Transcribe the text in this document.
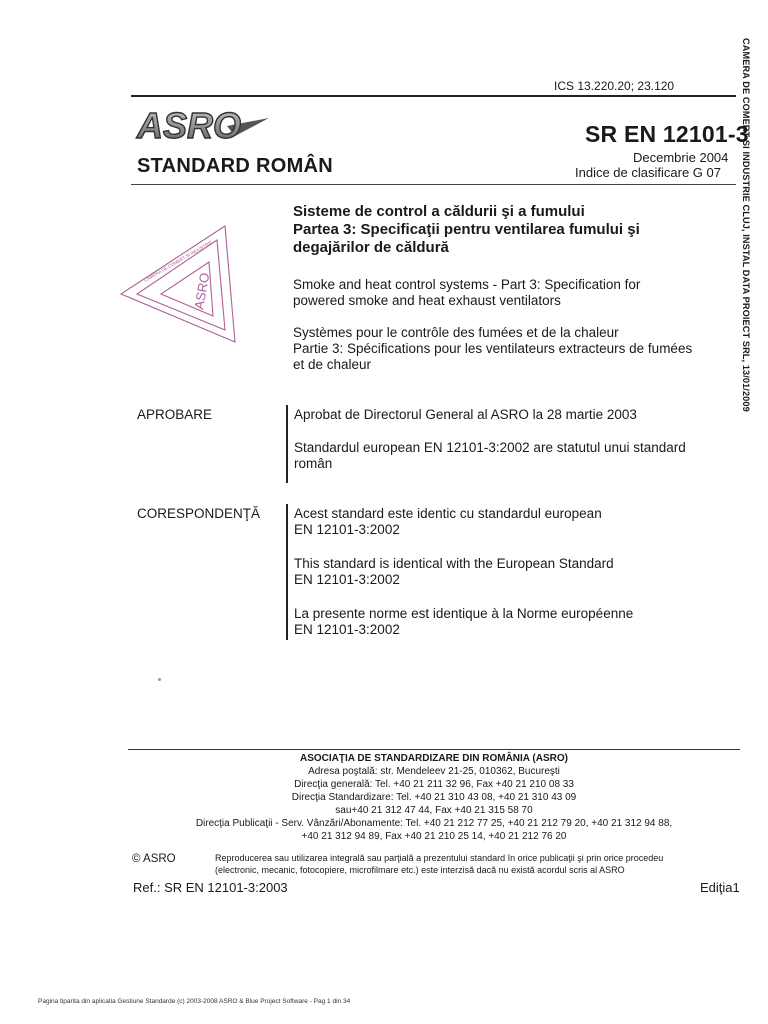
ICS 13.220.20; 23.120
ASRO	SR EN 12101-3
STANDARD ROMÂN	Decembrie 2004
Indice de clasificare G 07 CAMERA DE COMERT SI INDUSTRIE CLUJ, INSTAL DATA PROIECT SRL, 13/01/2009
ASRO
CAMERA DE COMERT SI INDUSTRIE
Sisteme de control a căldurii şi a fumului
Partea 3: Specificaţii pentru ventilarea fumului şi
degajărilor de căldură
Smoke and heat control systems - Part 3: Specification for
powered smoke and heat exhaust ventilators
Systèmes pour le contrôle des fumées et de la chaleur
Partie 3: Spécifications pour les ventilateurs extracteurs de fumées
et de chaleur
APROBARE	Aprobat de Directorul General al ASRO la 28 martie 2003
Standardul european EN 12101-3:2002 are statutul unui standard
român
CORESPONDENŢĂ	Acest standard este identic cu standardul european
EN 12101-3:2002
This standard is identical with the European Standard
EN 12101-3:2002
La presente norme est identique à la Norme européenne
EN 12101-3:2002
ASOCIAŢIA DE STANDARDIZARE DIN ROMÂNIA (ASRO)
Adresa poştală: str. Mendeleev 21-25, 010362, Bucureşti
Direcţia generală: Tel. +40 21 211 32 96, Fax +40 21 210 08 33
Direcţia Standardizare: Tel. +40 21 310 43 08, +40 21 310 43 09
sau+40 21 312 47 44, Fax +40 21 315 58 70
Direcţia Publicaţii - Serv. Vânzări/Abonamente: Tel. +40 21 212 77 25, +40 21 212 79 20, +40 21 312 94 88,
+40 21 312 94 89, Fax +40 21 210 25 14, +40 21 212 76 20
© ASRO	Reproducerea sau utilizarea integrală sau parţială a prezentului standard în orice publicaţii şi prin orice procedeu
(electronic, mecanic, fotocopiere, microfilmare etc.) este interzisă dacă nu există acordul scris al ASRO
Ref.: SR EN 12101-3:2003	Ediţia1
Pagina tiparita din aplicatia Gestiune Standarde (c) 2003-2008 ASRO & Blue Project Software - Pag 1 din 34
